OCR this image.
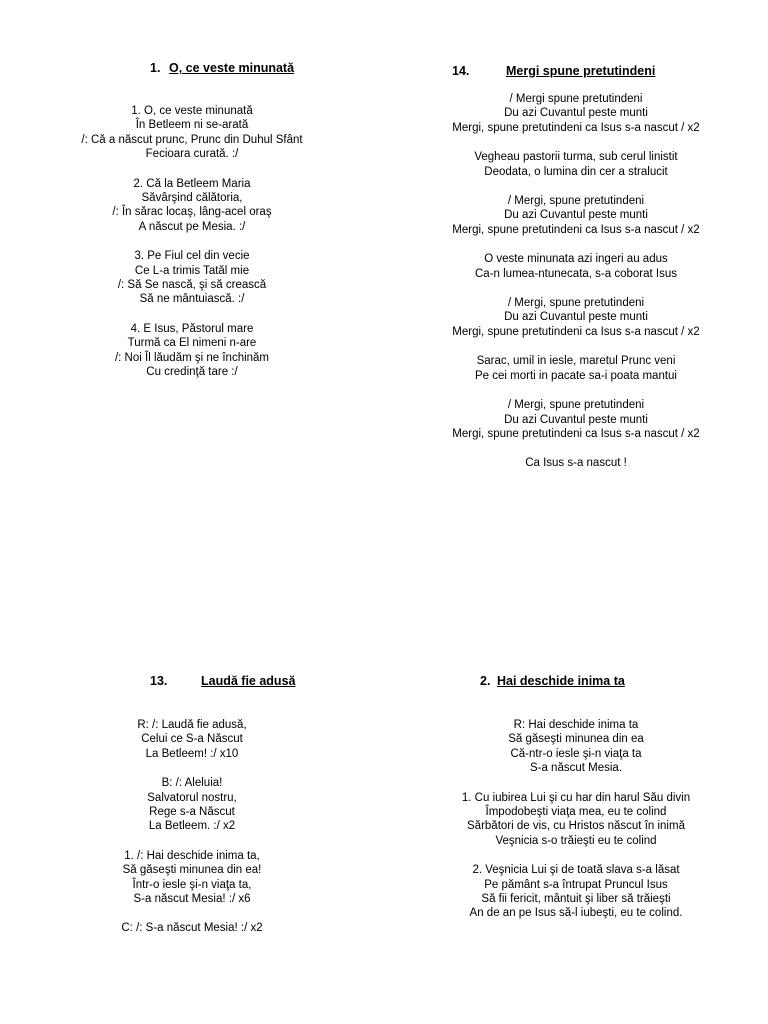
1. O, ce veste minunată
1. O, ce veste minunată
În Betleem ni se-arată
/: Că a născut prunc, Prunc din Duhul Sfânt
Fecioara curată. :/
2. Că la Betleem Maria
Săvârşind călătoria,
/: În sărac locaş, lâng-acel oraş
A născut pe Mesia. :/
3. Pe Fiul cel din vecie
Ce L-a trimis Tatăl mie
/: Să Se nască, şi să crească
Să ne mântuiască. :/
4. E Isus, Păstorul mare
Turmă ca El nimeni n-are
/: Noi Îl lăudăm şi ne închinăm
Cu credinţă tare :/
14.	Mergi spune pretutindeni
/ Mergi spune pretutindeni
Du azi Cuvantul peste munti
Mergi, spune pretutindeni ca Isus s-a nascut / x2
Vegheau pastorii turma, sub cerul linistit
Deodata, o lumina din cer a stralucit
/ Mergi, spune pretutindeni
Du azi Cuvantul peste munti
Mergi, spune pretutindeni ca Isus s-a nascut / x2
O veste minunata azi ingeri au adus
Ca-n lumea-ntunecata, s-a coborat Isus
/ Mergi, spune pretutindeni
Du azi Cuvantul peste munti
Mergi, spune pretutindeni ca Isus s-a nascut / x2
Sarac, umil in iesle, maretul Prunc veni
Pe cei morti in pacate sa-i poata mantui
/ Mergi, spune pretutindeni
Du azi Cuvantul peste munti
Mergi, spune pretutindeni ca Isus s-a nascut / x2
Ca Isus s-a nascut !
13.	Laudă fie adusă
R: /: Laudă fie adusă,
Celui ce S-a Născut
La Betleem! :/ x10
B: /: Aleluia!
Salvatorul nostru,
Rege s-a Născut
La Betleem. :/ x2
1. /: Hai deschide inima ta,
Să găseşti minunea din ea!
Într-o iesle şi-n viaţa ta,
S-a născut Mesia! :/ x6
C: /: S-a născut Mesia! :/ x2
2. Hai deschide inima ta
R: Hai deschide inima ta
Să găseşti minunea din ea
Că-ntr-o iesle şi-n viaţa ta
S-a născut Mesia.
1. Cu iubirea Lui şi cu har din harul Său divin
Împodobeşti viaţa mea, eu te colind
Sărbători de vis, cu Hristos născut în inimă
Veşnicia s-o trăieşti eu te colind
2. Veşnicia Lui şi de toată slava s-a lăsat
Pe pământ s-a întrupat Pruncul Isus
Să fii fericit, mântuit şi liber să trăieşti
An de an pe Isus să-l iubeşti, eu te colind.
